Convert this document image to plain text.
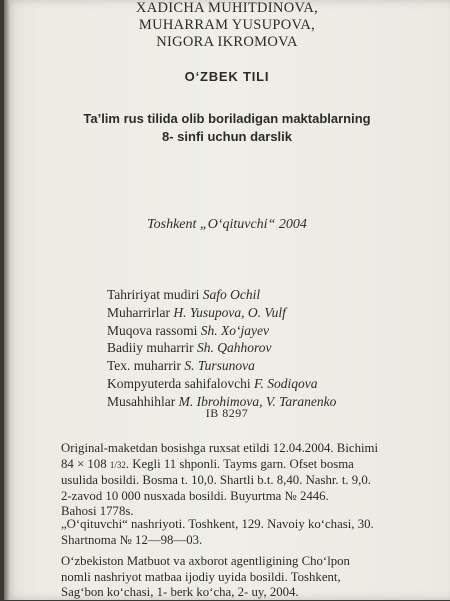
XADICHA MUHITDINOVA,
MUHARRAM YUSUPOVA,
NIGORA IKROMOVA
O‘ZBEK TILI
Ta’lim rus tilida olib boriladigan maktablarning
8- sinfi uchun darslik
Toshkent „O‘qituvchi“ 2004
Tahririyat mudiri Safo Ochil
Muharrirlar H. Yusupova, O. Vulf
Muqova rassomi Sh. Xo‘jayev
Badiiy muharrir Sh. Qahhorov
Tex. muharrir S. Tursunova
Kompyuterda sahifalovchi F. Sodiqova
Musahhihlar M. Ibrohimova, V. Taranenko
IB 8297
Original-maketdan bosishga ruxsat etildi 12.04.2004. Bichimi
84 × 108 1/32. Kegli 11 shponli. Tayms garn. Ofset bosma
usulida bosildi. Bosma t. 10,0. Shartli b.t. 8,40. Nashr. t. 9,0.
2-zavod 10 000 nusxada bosildi. Buyurtma № 2446.
Bahosi 1778s.
„O‘qituvchi“ nashriyoti. Toshkent, 129. Navoiy ko‘chasi, 30.
Shartnoma № 12—98—03.
O‘zbekiston Matbuot va axborot agentligining Cho‘lpon
nomli nashriyot matbaa ijodiy uyida bosildi. Toshkent,
Sag‘bon ko‘chasi, 1- berk ko‘cha, 2- uy, 2004.
